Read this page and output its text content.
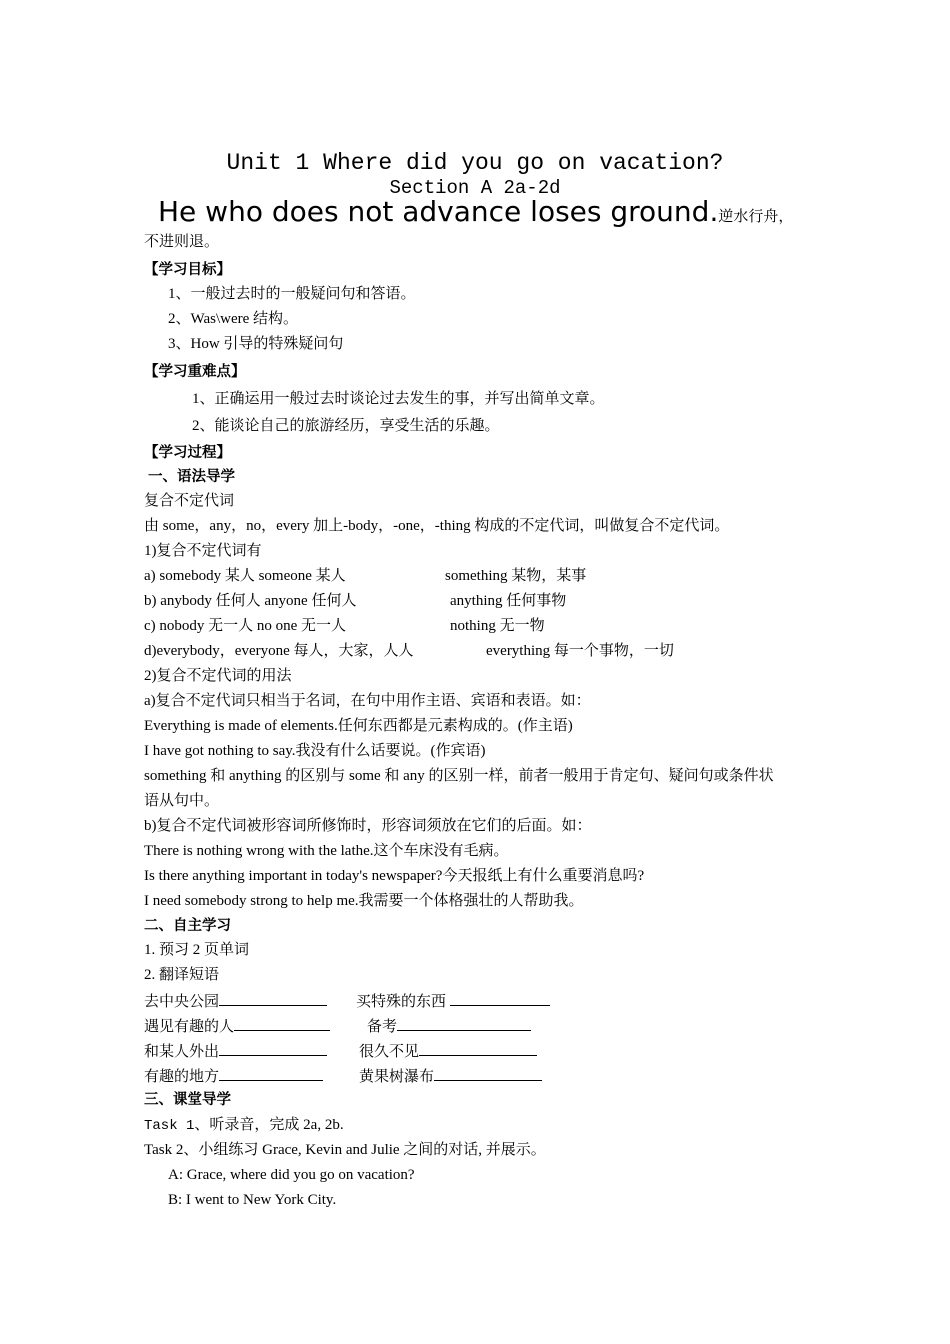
Unit 1 Where did you go on vacation?
Section A 2a-2d
He who does not advance loses ground.逆水行舟，
不进则退。
【学习目标】
1、一般过去时的一般疑问句和答语。
2、Was\were 结构。
3、How 引导的特殊疑问句
【学习重难点】
1、正确运用一般过去时谈论过去发生的事，并写出简单文章。
2、能谈论自己的旅游经历，享受生活的乐趣。
【学习过程】
一、语法导学
复合不定代词
由 some，any，no，every 加上-body，-one，-thing 构成的不定代词，叫做复合不定代词。
1)复合不定代词有
a) somebody 某人 someone 某人	something 某物，某事
b) anybody 任何人 anyone 任何人	anything 任何事物
c) nobody 无一人 no one 无一人	nothing 无一物
d)everybody，everyone 每人，大家，人人	everything 每一个事物，一切
2)复合不定代词的用法
a)复合不定代词只相当于名词，在句中用作主语、宾语和表语。如：
Everything is made of elements.任何东西都是元素构成的。(作主语)
I have got nothing to say.我没有什么话要说。(作宾语)
something 和 anything 的区别与 some 和 any 的区别一样，前者一般用于肯定句、疑问句或条件状
语从句中。
b)复合不定代词被形容词所修饰时，形容词须放在它们的后面。如：
There is nothing wrong with the lathe.这个车床没有毛病。
Is there anything important in today's newspaper?今天报纸上有什么重要消息吗?
I need somebody strong to help me.我需要一个体格强壮的人帮助我。
二、自主学习
1. 预习 2 页单词
2. 翻译短语
去中央公园	买特殊的东西
遇见有趣的人	备考
和某人外出	很久不见
有趣的地方	黄果树瀑布
三、课堂导学
Task 1、听录音，完成 2a, 2b.
Task 2、小组练习 Grace, Kevin and Julie 之间的对话, 并展示。
A: Grace, where did you go on vacation?
B: I went to New York City.
